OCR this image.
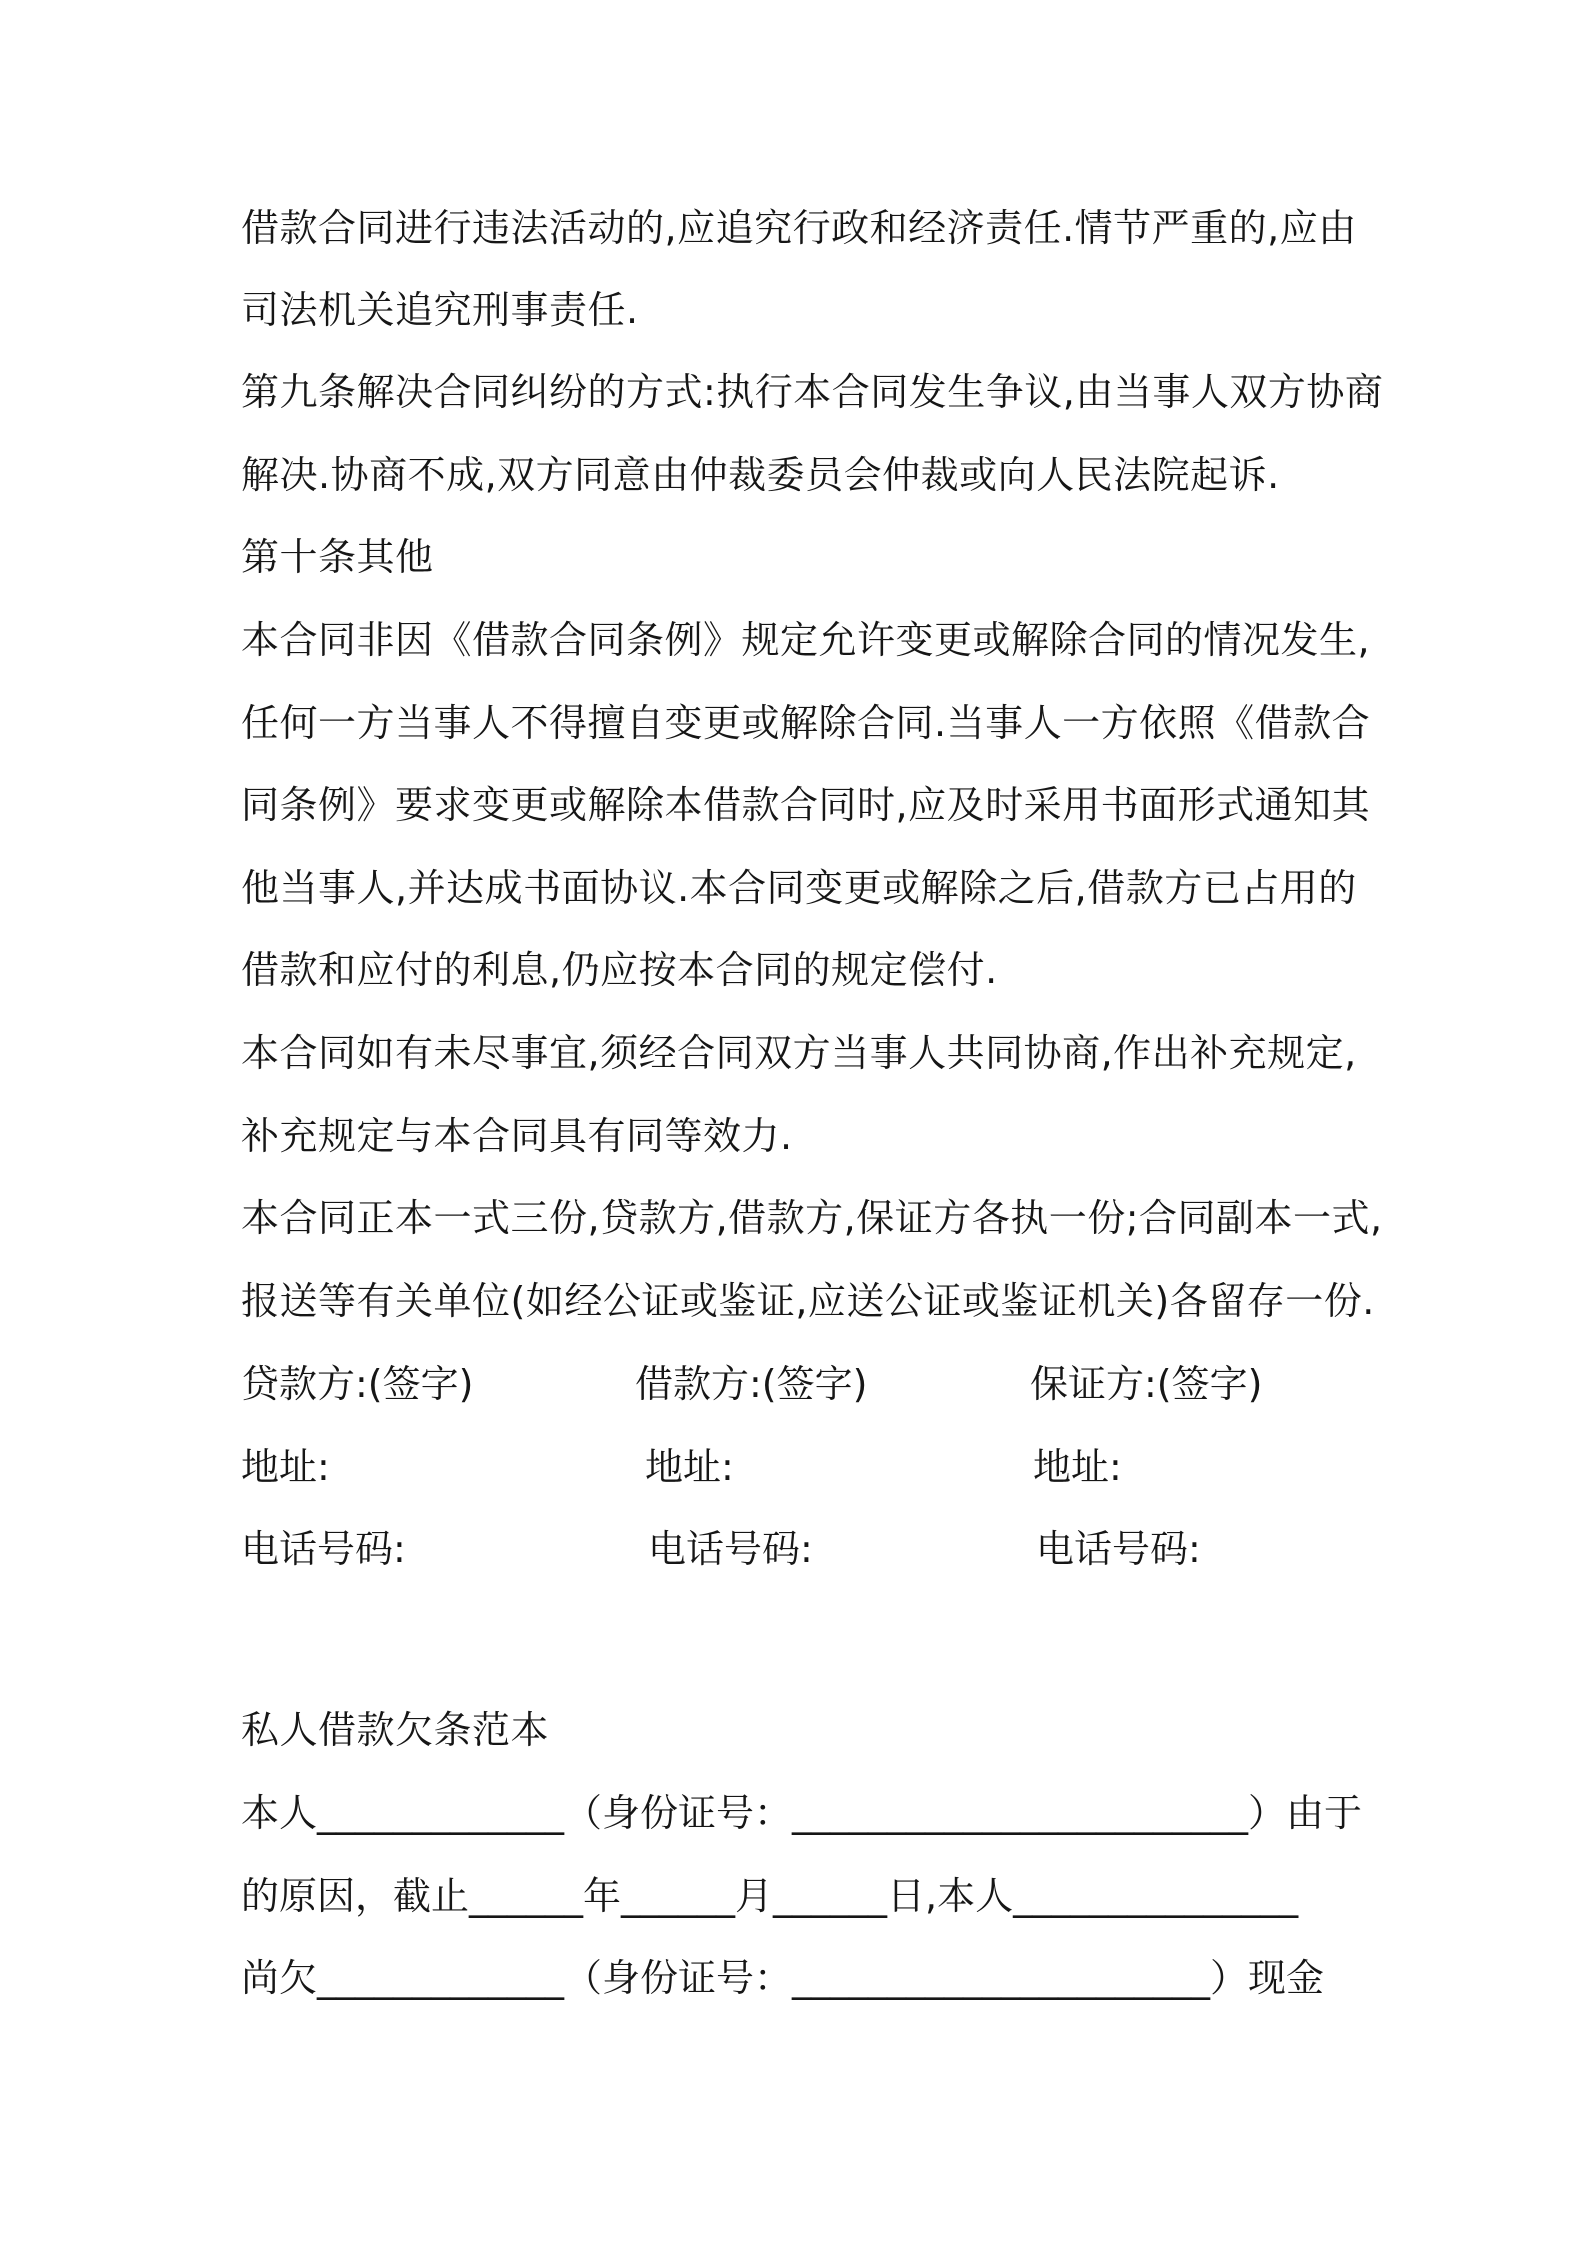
借款合同进行违法活动的,应追究行政和经济责任.情节严重的,应由
司法机关追究刑事责任.
第九条解决合同纠纷的方式:执行本合同发生争议,由当事人双方协商
解决.协商不成,双方同意由仲裁委员会仲裁或向人民法院起诉.
第十条其他
本合同非因《借款合同条例》规定允许变更或解除合同的情况发生,
任何一方当事人不得擅自变更或解除合同.当事人一方依照《借款合
同条例》要求变更或解除本借款合同时,应及时采用书面形式通知其
他当事人,并达成书面协议.本合同变更或解除之后,借款方已占用的
借款和应付的利息,仍应按本合同的规定偿付.
本合同如有未尽事宜,须经合同双方当事人共同协商,作出补充规定,
补充规定与本合同具有同等效力.
本合同正本一式三份,贷款方,借款方,保证方各执一份;合同副本一式,
报送等有关单位(如经公证或鉴证,应送公证或鉴证机关)各留存一份.
贷款方:(签字)	借款方:(签字)	保证方:(签字)
地址:	地址:	地址:
电话号码:	电话号码:	电话号码:
私人借款欠条范本
本人_____________（身份证号：________________________）由于
的原因，截止______年______月______日,本人_______________
尚欠_____________（身份证号：______________________）现金
